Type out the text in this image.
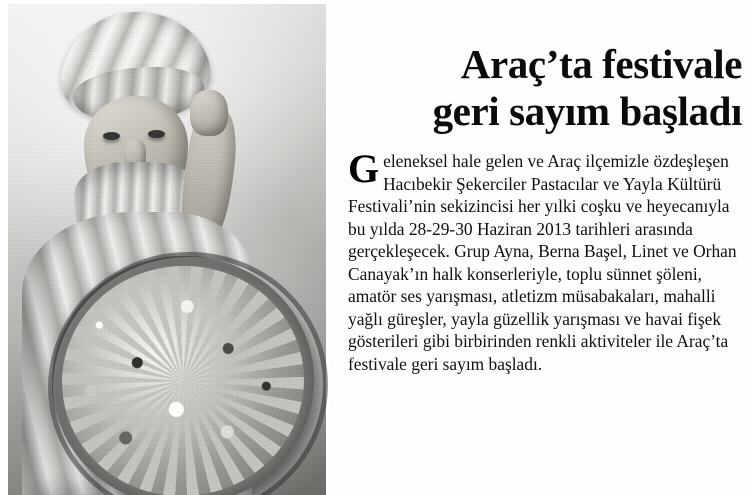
Araç’ta festivale
geri sayım başladı
G eleneksel hale gelen ve Araç ilçemizle özdeşleşen Hacıbekir Şekerciler Pastacılar ve Yayla Kültürü Festivali’nin sekizincisi her yılki coşku ve heyecanıyla bu yılda 28-29-30 Haziran 2013 tarihleri arasında gerçekleşecek. Grup Ayna, Berna Başel, Linet ve Orhan Canayak’ın halk konserleriyle, toplu sünnet şöleni, amatör ses yarışması, atletizm müsabakaları, mahalli yağlı güreşler, yayla güzellik yarışması ve havai fişek gösterileri gibi birbirinden renkli aktiviteler ile Araç’ta festivale geri sayım başladı.
